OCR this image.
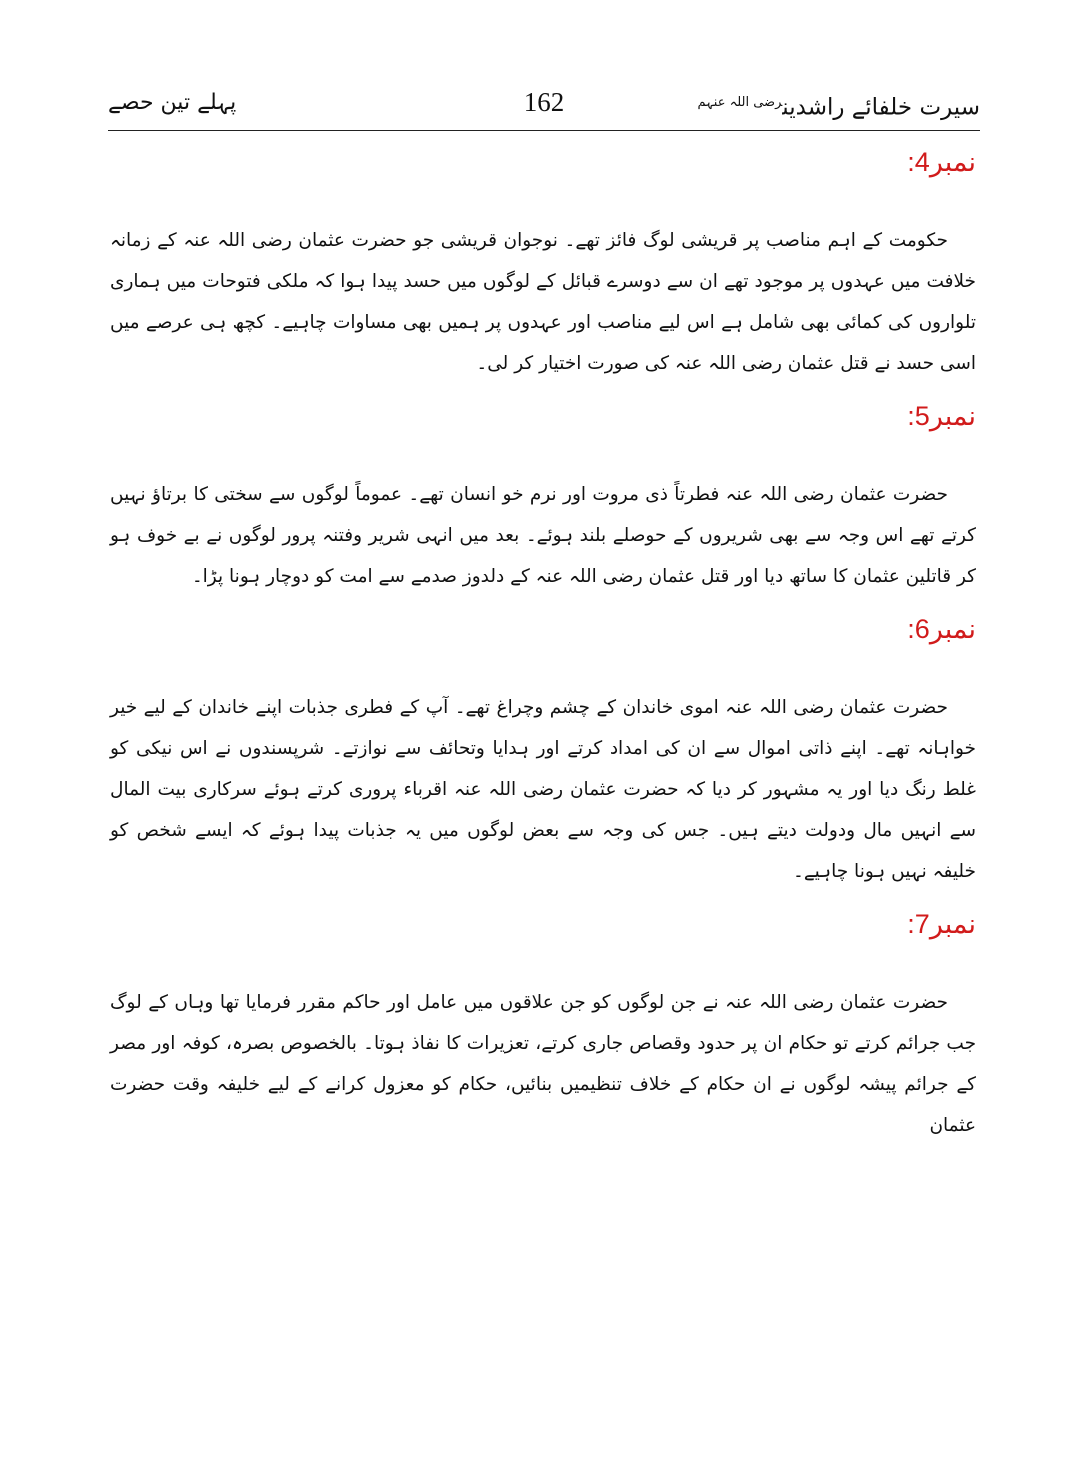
سیرت خلفائے راشدین$^{رضی اللہ عنہم}$
162
پہلے تین حصے
نمبر4:

حکومت کے اہم مناصب پر قریشی لوگ فائز تھے۔ نوجوان قریشی جو حضرت عثمان رضی اللہ عنہ کے زمانہ خلافت میں عہدوں پر موجود تھے ان سے دوسرے قبائل کے لوگوں میں حسد پیدا ہوا کہ ملکی فتوحات میں ہماری تلواروں کی کمائی بھی شامل ہے اس لیے مناصب اور عہدوں پر ہمیں بھی مساوات چاہیے۔ کچھ ہی عرصے میں اسی حسد نے قتل عثمان رضی اللہ عنہ کی صورت اختیار کر لی۔

نمبر5:

حضرت عثمان رضی اللہ عنہ فطرتاً ذی مروت اور نرم خو انسان تھے۔ عموماً لوگوں سے سختی کا برتاؤ نہیں کرتے تھے اس وجہ سے بھی شریروں کے حوصلے بلند ہوئے۔ بعد میں انہی شریر وفتنہ پرور لوگوں نے بے خوف ہو کر قاتلین عثمان کا ساتھ دیا اور قتل عثمان رضی اللہ عنہ کے دلدوز صدمے سے امت کو دوچار ہونا پڑا۔

نمبر6:

حضرت عثمان رضی اللہ عنہ اموی خاندان کے چشم وچراغ تھے۔ آپ کے فطری جذبات اپنے خاندان کے لیے خیر خواہانہ تھے۔ اپنے ذاتی اموال سے ان کی امداد کرتے اور ہدایا وتحائف سے نوازتے۔ شرپسندوں نے اس نیکی کو غلط رنگ دیا اور یہ مشہور کر دیا کہ حضرت عثمان رضی اللہ عنہ اقرباء پروری کرتے ہوئے سرکاری بیت المال سے انہیں مال ودولت دیتے ہیں۔ جس کی وجہ سے بعض لوگوں میں یہ جذبات پیدا ہوئے کہ ایسے شخص کو خلیفہ نہیں ہونا چاہیے۔

نمبر7:

حضرت عثمان رضی اللہ عنہ نے جن لوگوں کو جن علاقوں میں عامل اور حاکم مقرر فرمایا تھا وہاں کے لوگ جب جرائم کرتے تو حکام ان پر حدود وقصاص جاری کرتے، تعزیرات کا نفاذ ہوتا۔ بالخصوص بصرہ، کوفہ اور مصر کے جرائم پیشہ لوگوں نے ان حکام کے خلاف تنظیمیں بنائیں، حکام کو معزول کرانے کے لیے خلیفہ وقت حضرت عثمان
